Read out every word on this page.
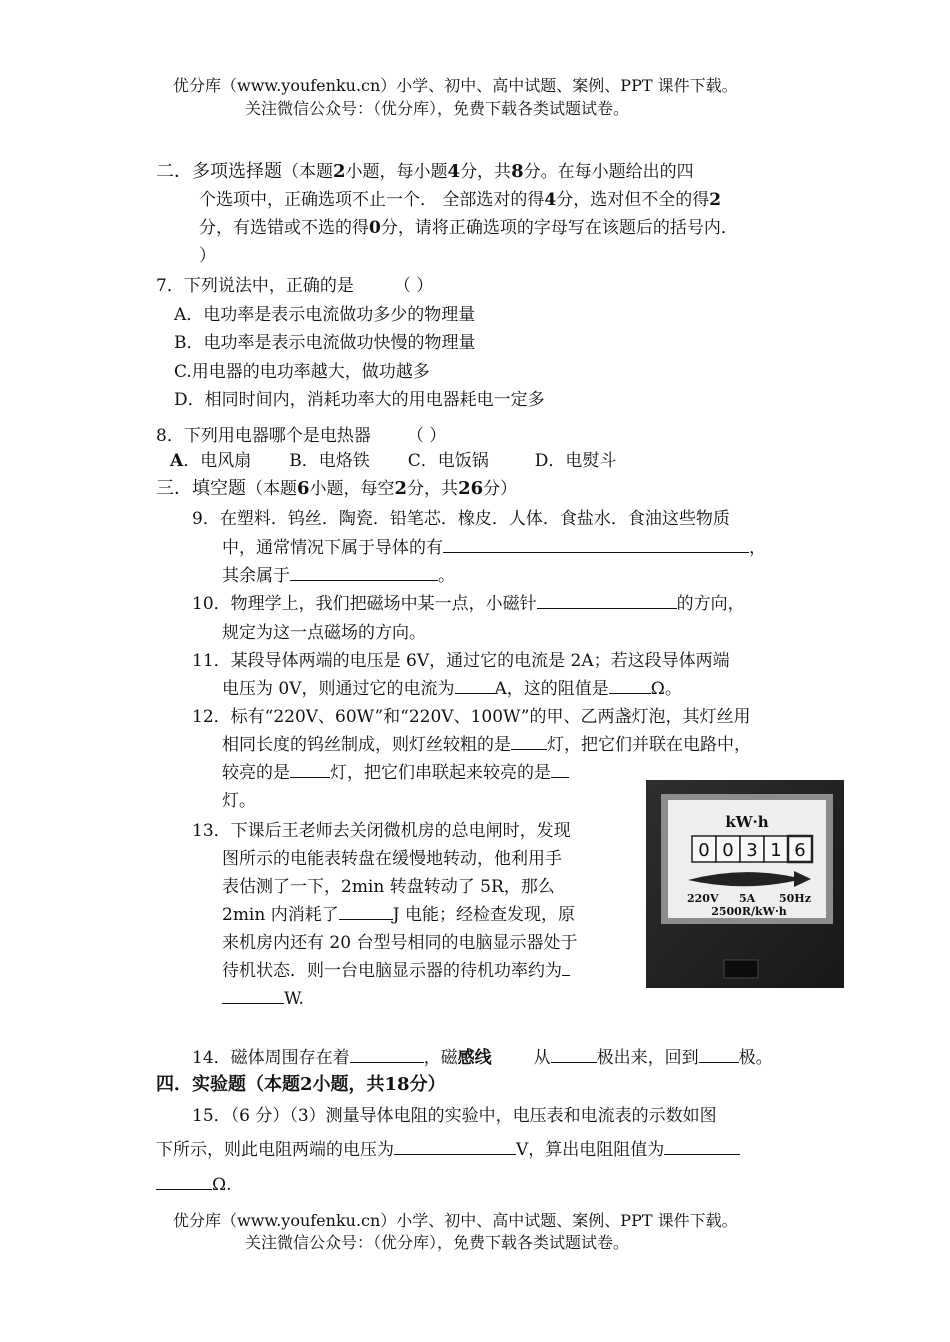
优分库（www.youfenku.cn）小学、初中、高中试题、案例、PPT 课件下载。
关注微信公众号：（优分库），免费下载各类试题试卷。
二．多项选择题（本题2小题，每小题4分，共8分。在每小题给出的四
个选项中，正确选项不止一个． 全部选对的得4分，选对但不全的得2
分，有选错或不选的得0分，请将正确选项的字母写在该题后的括号内．
）
7．下列说法中，正确的是 （ ）
A．电功率是表示电流做功多少的物理量
B．电功率是表示电流做功快慢的物理量
C.用电器的电功率越大，做功越多
D．相同时间内，消耗功率大的用电器耗电一定多
8．下列用电器哪个是电热器 （ ）
A．电风扇 B．电烙铁 C．电饭锅	D．电熨斗
三．填空题（本题6小题，每空2分，共26分）
9．在塑料．钨丝．陶瓷．铅笔芯．橡皮．人体．食盐水．食油这些物质
中，通常情况下属于导体的有	，
其余属于	。
10．物理学上，我们把磁场中某一点，小磁针	的方向，
规定为这一点磁场的方向。
11．某段导体两端的电压是 6V，通过它的电流是 2A；若这段导体两端
电压为 0V，则通过它的电流为 A，这的阻值是 Ω。
12．标有“220V、60W”和“220V、100W”的甲、乙两盏灯泡，其灯丝用
相同长度的钨丝制成，则灯丝较粗的是 灯，把它们并联在电路中，
较亮的是 灯，把它们串联起来较亮的是
灯。
13．下课后王老师去关闭微机房的总电闸时，发现
图所示的电能表转盘在缓慢地转动，他利用手
表估测了一下，2min 转盘转动了 5R，那么
2min 内消耗了	J 电能；经检查发现，原
来机房内还有 20 台型号相同的电脑显示器处于
待机状态．则一台电脑显示器的待机功率约为
W.
kW·h
0 0 3 1 6
220V 5A 50Hz
2500R/kW·h
14．磁体周围存在着	，磁感线 从	极出来，回到 极。
四．实验题（本题2小题，共18分）
15．（6 分）（3）测量导体电阻的实验中，电压表和电流表的示数如图
下所示，则此电阻两端的电压为	V，算出电阻阻值为
Ω.
优分库（www.youfenku.cn）小学、初中、高中试题、案例、PPT 课件下载。
关注微信公众号：（优分库），免费下载各类试题试卷。
